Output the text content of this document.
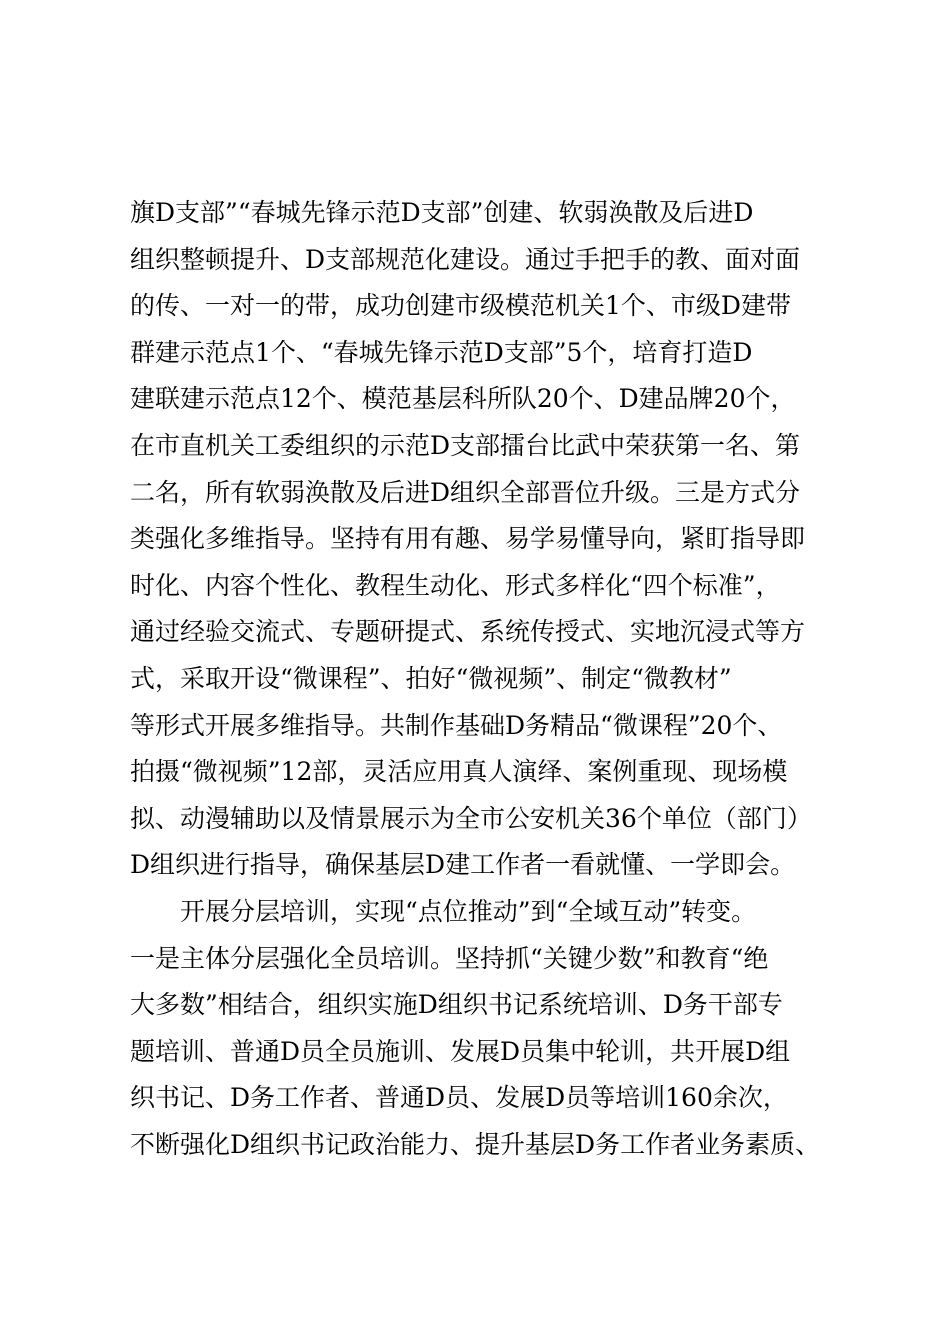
旗D支部”“春城先锋示范D支部”创建、软弱涣散及后进D
组织整顿提升、D支部规范化建设。通过手把手的教、面对面
的传、一对一的带，成功创建市级模范机关1个、市级D建带
群建示范点1个、“春城先锋示范D支部”5个，培育打造D
建联建示范点12个、模范基层科所队20个、D建品牌20个，
在市直机关工委组织的示范D支部擂台比武中荣获第一名、第
二名，所有软弱涣散及后进D组织全部晋位升级。三是方式分
类强化多维指导。坚持有用有趣、易学易懂导向，紧盯指导即
时化、内容个性化、教程生动化、形式多样化“四个标准”，
通过经验交流式、专题研提式、系统传授式、实地沉浸式等方
式，采取开设“微课程”、拍好“微视频”、制定“微教材”
等形式开展多维指导。共制作基础D务精品“微课程”20个、
拍摄“微视频”12部，灵活应用真人演绎、案例重现、现场模
拟、动漫辅助以及情景展示为全市公安机关36个单位（部门）
D组织进行指导，确保基层D建工作者一看就懂、一学即会。
开展分层培训，实现“点位推动”到“全域互动”转变。
一是主体分层强化全员培训。坚持抓“关键少数”和教育“绝
大多数”相结合，组织实施D组织书记系统培训、D务干部专
题培训、普通D员全员施训、发展D员集中轮训，共开展D组
织书记、D务工作者、普通D员、发展D员等培训160余次，
不断强化D组织书记政治能力、提升基层D务工作者业务素质、
